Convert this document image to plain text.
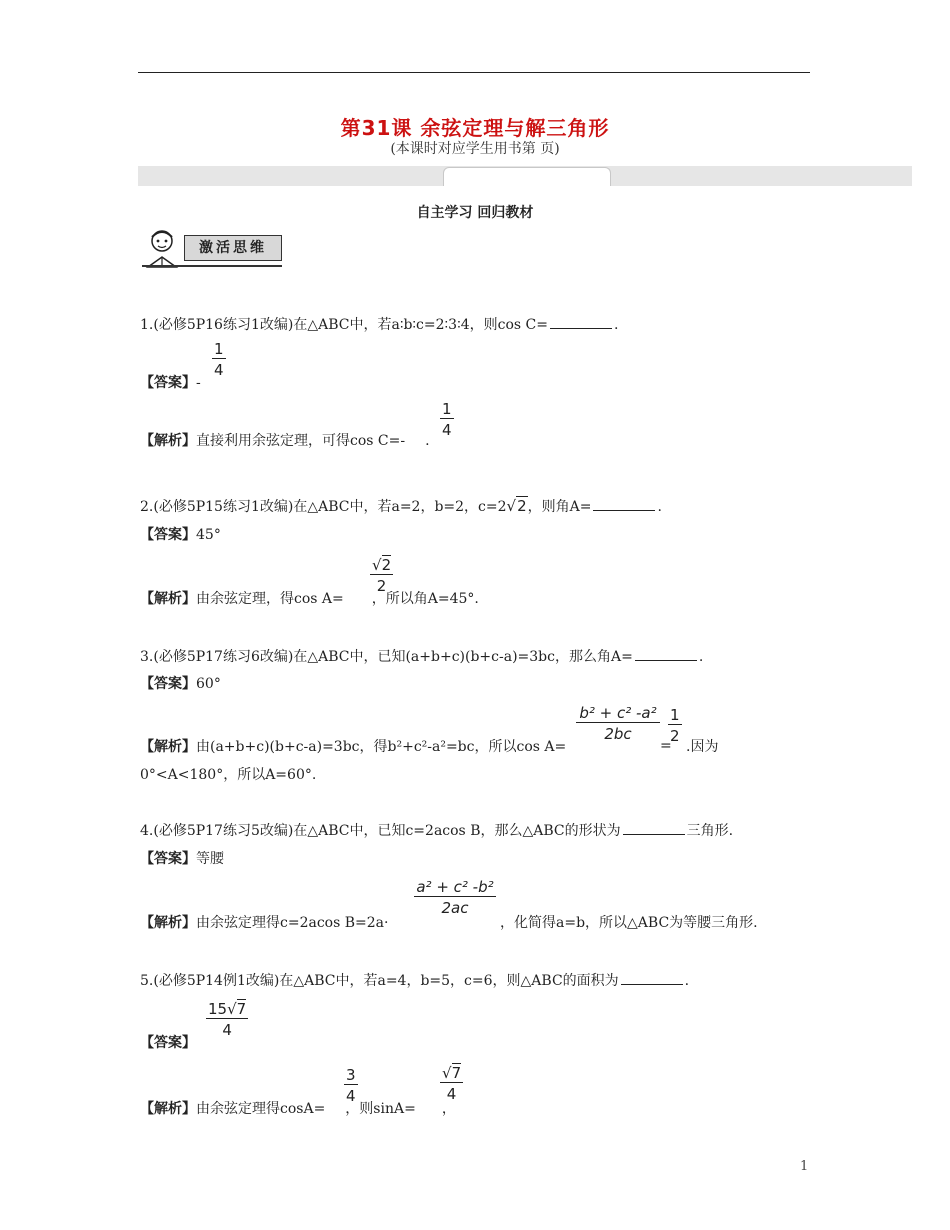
第31课 余弦定理与解三角形
(本课时对应学生用书第 页)
自主学习 回归教材
激活思维
1.(必修5P16练习1改编)在△ABC中，若a∶b∶c=2∶3∶4，则cos C=	.
$\frac{1}{4}$
【答案】-
$\frac{1}{4}$
【解析】直接利用余弦定理，可得cos C=- .
2.(必修5P15练习1改编)在△ABC中，若a=2，b=2，c=2√2，则角A=	.
【答案】45°
$\frac{√2}{2}$
【解析】由余弦定理，得cos A= ，所以角A=45°.
3.(必修5P17练习6改编)在△ABC中，已知(a+b+c)(b+c-a)=3bc，那么角A=	.
【答案】60°
$\frac{\text{b² + c² -a²}}{2bc} \frac{1}{2}$
【解析】由(a+b+c)(b+c-a)=3bc，得b²+c²-a²=bc，所以cos A=	= .因为
0°<A<180°，所以A=60°.
4.(必修5P17练习5改编)在△ABC中，已知c=2acos B，那么△ABC的形状为	三角形.
【答案】等腰
$\frac{\text{a² + c² -b²}}{2ac}$
【解析】由余弦定理得c=2acos B=2a·	，化简得a=b，所以△ABC为等腰三角形.
5.(必修5P14例1改编)在△ABC中，若a=4，b=5，c=6，则△ABC的面积为	.
$\frac{15√7}{4}$
【答案】
$\frac{3}{4}$	$\frac{√7}{4}$
【解析】由余弦定理得cosA= ，则sinA= ，
1
